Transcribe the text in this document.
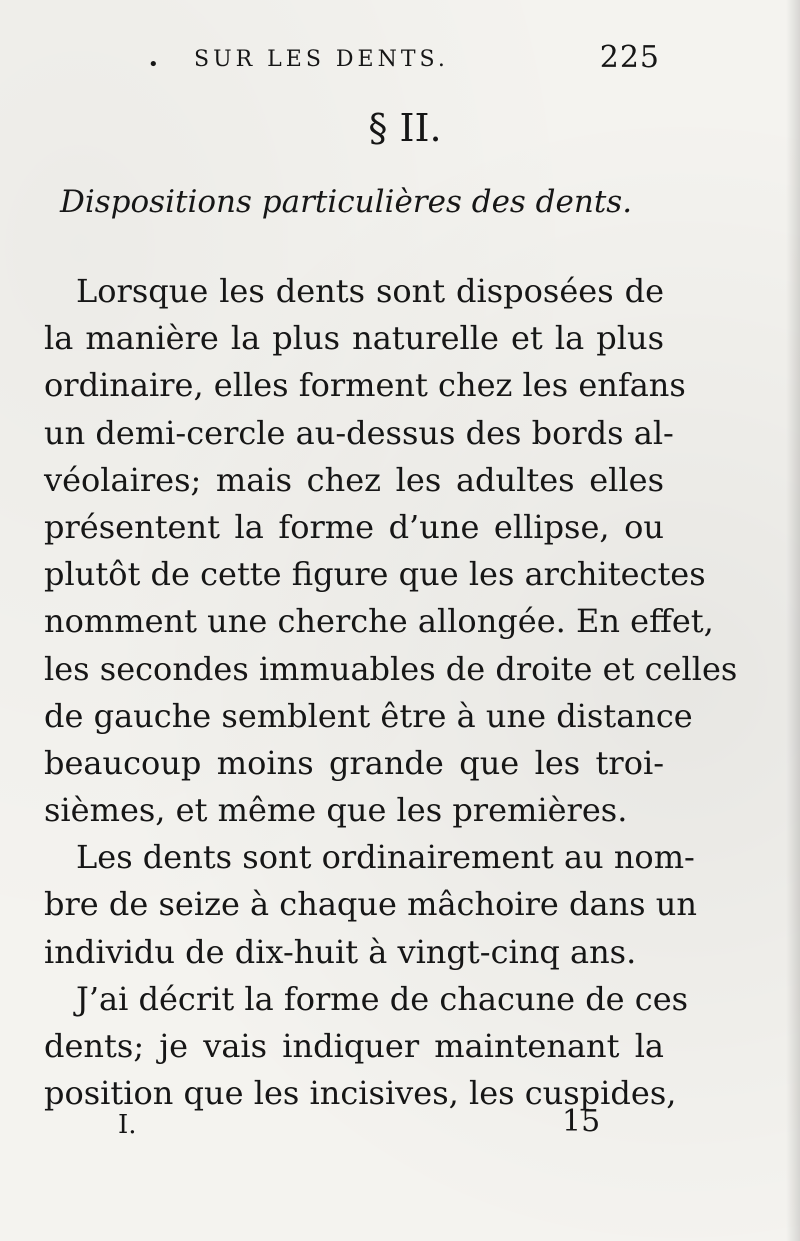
• SUR LES DENTS.	225
§ II.
Dispositions particulières des dents.
Lorsque les dents sont disposées de
la manière la plus naturelle et la plus
ordinaire, elles forment chez les enfans
un demi-cercle au-dessus des bords al-
véolaires; mais chez les adultes elles
présentent la forme d’une ellipse, ou
plutôt de cette figure que les architectes
nomment une cherche allongée. En effet,
les secondes immuables de droite et celles
de gauche semblent être à une distance
beaucoup moins grande que les troi-
sièmes, et même que les premières.
Les dents sont ordinairement au nom-
bre de seize à chaque mâchoire dans un
individu de dix-huit à vingt-cinq ans.
J’ai décrit la forme de chacune de ces
dents; je vais indiquer maintenant la
position que les incisives, les cuspides,
I.	15
